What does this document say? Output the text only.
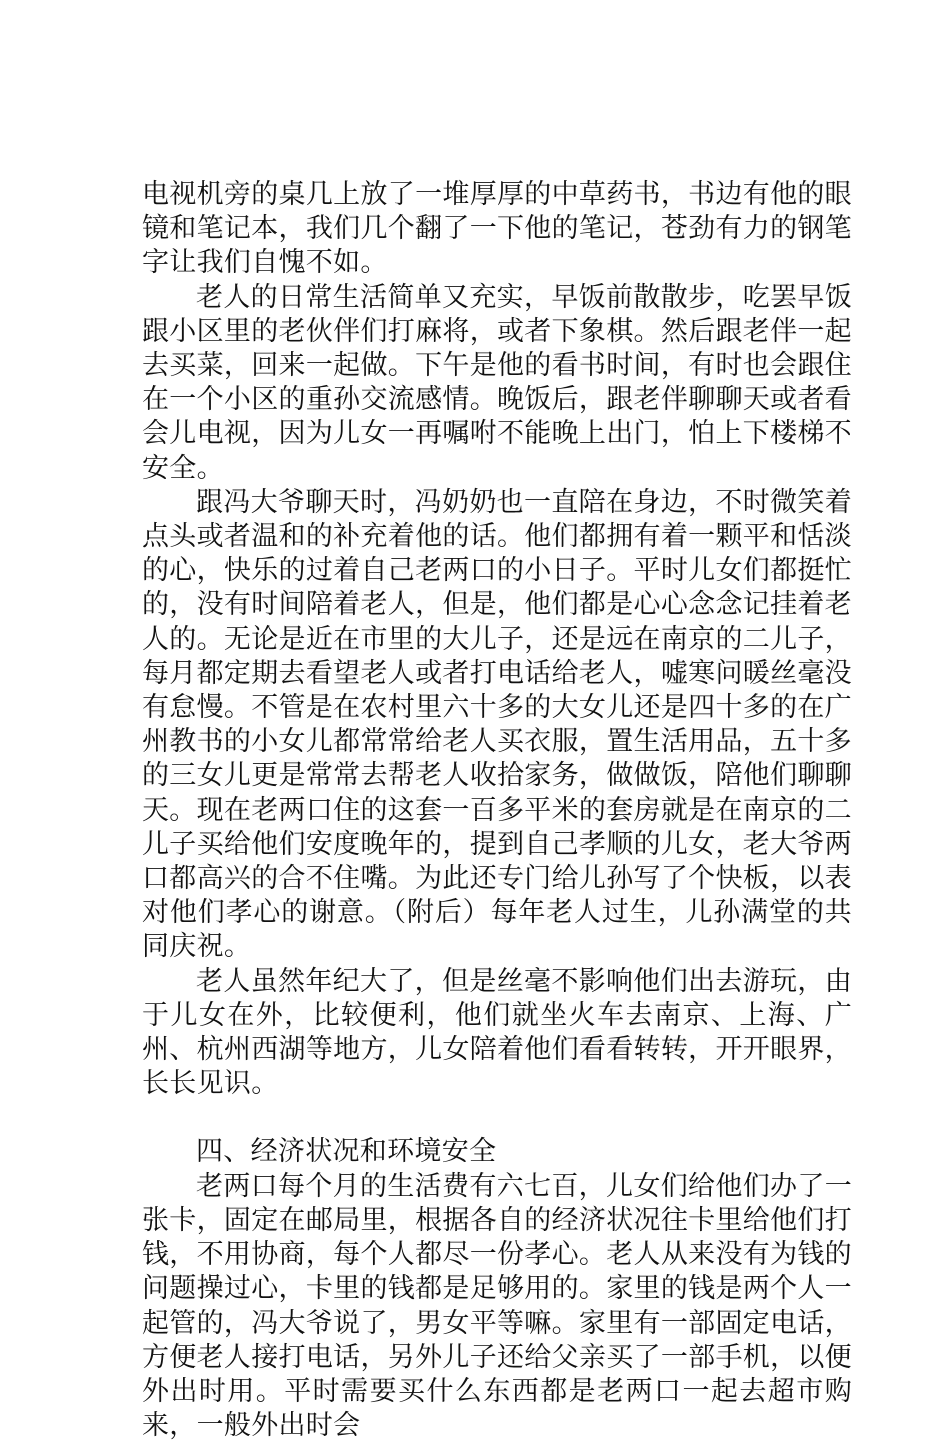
电视机旁的桌几上放了一堆厚厚的中草药书，书边有他的眼镜和笔记本，我们几个翻了一下他的笔记，苍劲有力的钢笔字让我们自愧不如。

老人的日常生活简单又充实，早饭前散散步，吃罢早饭跟小区里的老伙伴们打麻将，或者下象棋。然后跟老伴一起去买菜，回来一起做。下午是他的看书时间，有时也会跟住在一个小区的重孙交流感情。晚饭后，跟老伴聊聊天或者看会儿电视，因为儿女一再嘱咐不能晚上出门，怕上下楼梯不安全。

跟冯大爷聊天时，冯奶奶也一直陪在身边，不时微笑着点头或者温和的补充着他的话。他们都拥有着一颗平和恬淡的心，快乐的过着自己老两口的小日子。平时儿女们都挺忙的，没有时间陪着老人，但是，他们都是心心念念记挂着老人的。无论是近在市里的大儿子，还是远在南京的二儿子，每月都定期去看望老人或者打电话给老人，嘘寒问暖丝毫没有怠慢。不管是在农村里六十多的大女儿还是四十多的在广州教书的小女儿都常常给老人买衣服，置生活用品，五十多的三女儿更是常常去帮老人收拾家务，做做饭，陪他们聊聊天。现在老两口住的这套一百多平米的套房就是在南京的二儿子买给他们安度晚年的，提到自己孝顺的儿女，老大爷两口都高兴的合不住嘴。为此还专门给儿孙写了个快板，以表对他们孝心的谢意。（附后）每年老人过生，儿孙满堂的共同庆祝。

老人虽然年纪大了，但是丝毫不影响他们出去游玩，由于儿女在外，比较便利，他们就坐火车去南京、上海、广州、杭州西湖等地方，儿女陪着他们看看转转，开开眼界，长长见识。

四、经济状况和环境安全

老两口每个月的生活费有六七百，儿女们给他们办了一张卡，固定在邮局里，根据各自的经济状况往卡里给他们打钱，不用协商，每个人都尽一份孝心。老人从来没有为钱的问题操过心，卡里的钱都是足够用的。家里的钱是两个人一起管的，冯大爷说了，男女平等嘛。家里有一部固定电话，方便老人接打电话，另外儿子还给父亲买了一部手机，以便外出时用。平时需要买什么东西都是老两口一起去超市购来，一般外出时会
